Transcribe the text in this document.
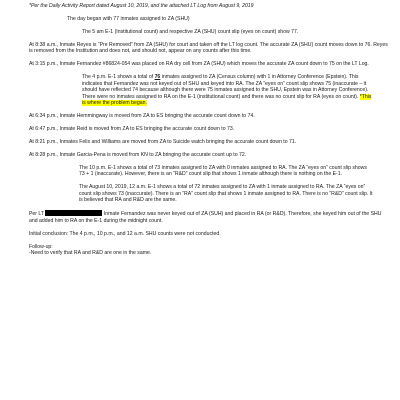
*Per the Daily Activity Report dated August 10, 2019, and the attached LT Log from August 9, 2019

The day began with 77 inmates assigned to ZA (SHU)

The 5 am E-1 (Institutional count) and respective ZA (SHU) count slip (eyes on count) show 77.

At 8:38 a.m., Inmate Reyes is “Pre Removed” from ZA (SHU) for court and taken off the LT log count. The accurate ZA (SHU) count moves down to 76. Reyes is removed from the Institution and does not, and should not, appear on any counts after this time.

At 3:15 p.m., Inmate Fernandez #86824-054 was placed on RA dry cell from ZA (SHU) which moves the accurate ZA count down to 75 on the LT Log.

The 4 p.m. E-1 shows a total of 76 inmates assigned to ZA (Census column) with 1 in Attorney Conference (Epstein). This indicates that Fernandez was not keyed out of SHU and keyed into RA. The ZA “eyes on” count slip shows 75 (inaccurate – it should have reflected 74 because although there were 75 inmates assigned to the SHU, Epstein was in Attorney Conference). There were no inmates assigned to RA on the E-1 (institutional count) and there was no count slip for RA (eyes on count). *This is where the problem began.

At 6:34 p.m., Inmate Hemmingway is moved from ZA to ES bringing the accurate count down to 74.

At 6:47 p.m., Inmate Reid is moved from ZA to ES bringing the accurate count down to 73.

At 8:21 p.m., Inmates Felix and Williams are moved from ZA to Suicide watch bringing the accurate count down to 71.

At 8:28 p.m., Inmate Garcia-Pena is moved from KN to ZA bringing the accurate count up to 72.

The 10 p.m. E-1 shows a total of 73 inmates assigned to ZA with 0 inmates assigned to RA. The ZA “eyes on” count slip shows 73 + 1 (inaccurate). However, there is an “R&D” count slip that shows 1 inmate although there is nothing on the E-1.

The August 10, 2019, 12 a.m. E-1 shows a total of 72 inmates assigned to ZA with 1 inmate assigned to RA. The ZA “eyes on” count slip shows 73 (inaccurate). There is an “RA” count slip that shows 1 inmate assigned to RA. There is no “R&D” count slip. It is believed that RA and R&D are the same.

Per LT	Inmate Fernandez was never keyed out of ZA (SUH) and placed in RA (or R&D). Therefore, she keyed him out of the SHU and added him to RA on the E-1 during the midnight count.

Initial conclusion: The 4 p.m., 10 p.m., and 12 a.m. SHU counts were not conducted.

Follow-up:

-Need to verify that RA and R&D are one in the same.
